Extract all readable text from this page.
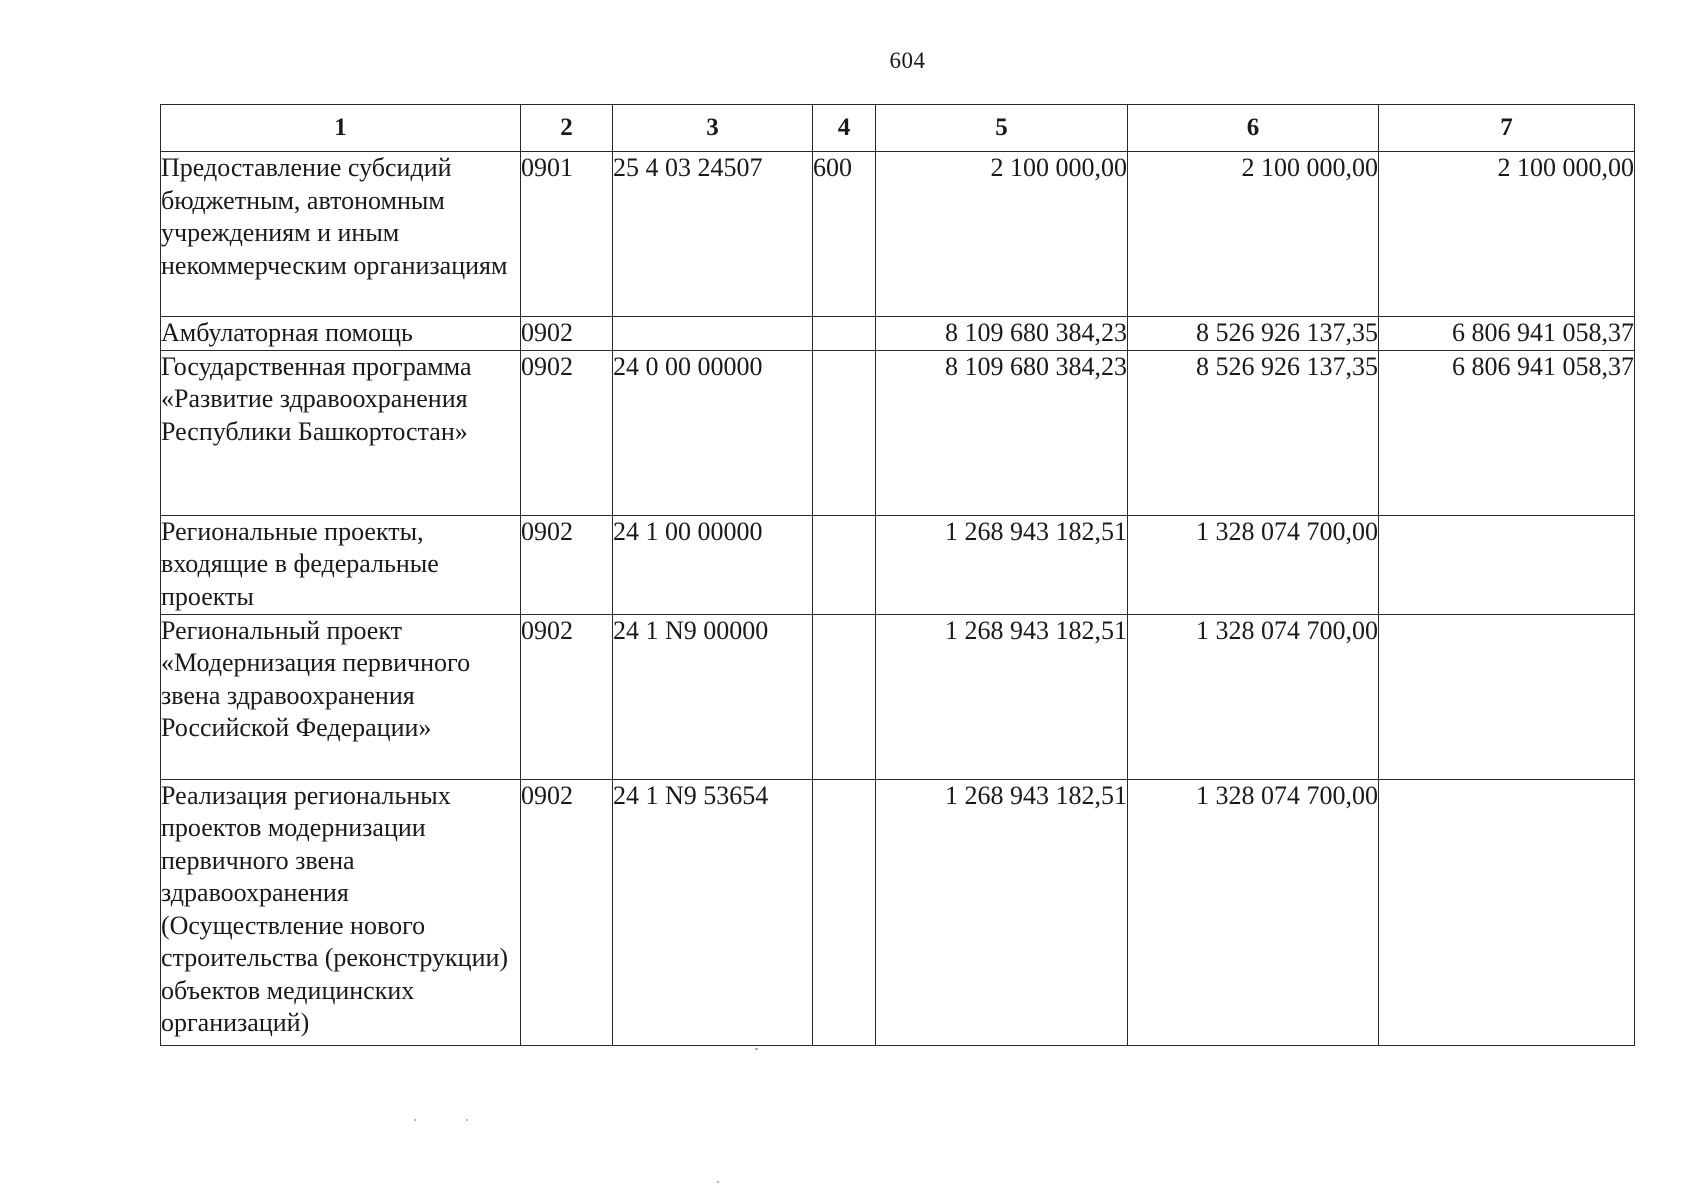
604
1	2	3	4	5	6	7
Предоставление субсидий бюджетным, автономным учреждениям и иным некоммерческим организациям	0901	25 4 03 24507	600	2 100 000,00	2 100 000,00	2 100 000,00
Амбулаторная помощь	0902			8 109 680 384,23	8 526 926 137,35	6 806 941 058,37
Государственная программа «Развитие здравоохранения Республики Башкортостан»	0902	24 0 00 00000		8 109 680 384,23	8 526 926 137,35	6 806 941 058,37
Региональные проекты, входящие в федеральные проекты	0902	24 1 00 00000		1 268 943 182,51	1 328 074 700,00	
Региональный проект «Модернизация первичного звена здравоохранения Российской Федерации»	0902	24 1 N9 00000		1 268 943 182,51	1 328 074 700,00	
Реализация региональных проектов модернизации первичного звена здравоохранения (Осуществление нового строительства (реконструкции) объектов медицинских организаций)	0902	24 1 N9 53654		1 268 943 182,51	1 328 074 700,00	
